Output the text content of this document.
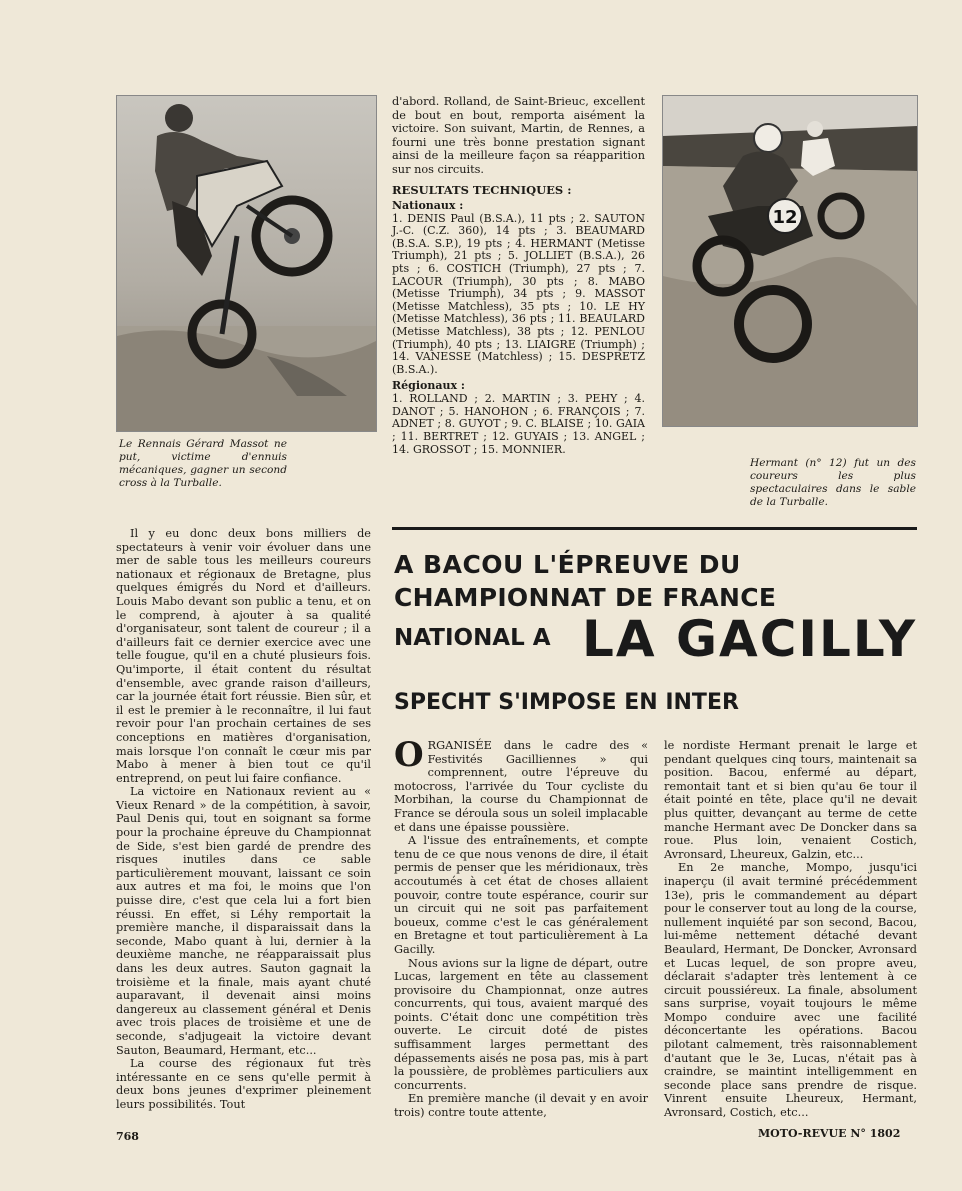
Le Rennais Gérard Massot ne put, victime d'ennuis mécaniques, gagner un second cross à la Turballe.

d'abord. Rolland, de Saint-Brieuc, excellent de bout en bout, remporta aisément la victoire. Son suivant, Martin, de Rennes, a fourni une très bonne prestation signant ainsi de la meilleure façon sa réapparition sur nos circuits.

RESULTATS TECHNIQUES :
Nationaux :

1. DENIS Paul (B.S.A.), 11 pts ; 2. SAUTON J.-C. (C.Z. 360), 14 pts ; 3. BEAUMARD (B.S.A. S.P.), 19 pts ; 4. HERMANT (Metisse Triumph), 21 pts ; 5. JOLLIET (B.S.A.), 26 pts ; 6. COSTICH (Triumph), 27 pts ; 7. LACOUR (Triumph), 30 pts ; 8. MABO (Metisse Triumph), 34 pts ; 9. MASSOT (Metisse Matchless), 35 pts ; 10. LE HY (Metisse Matchless), 36 pts ; 11. BEAULARD (Metisse Matchless), 38 pts ; 12. PENLOU (Triumph), 40 pts ; 13. LIAIGRE (Triumph) ; 14. VANESSE (Matchless) ; 15. DESPRETZ (B.S.A.).

Régionaux :

1. ROLLAND ; 2. MARTIN ; 3. PEHY ; 4. DANOT ; 5. HANOHON ; 6. FRANÇOIS ; 7. ADNET ; 8. GUYOT ; 9. C. BLAISE ; 10. GAIA ; 11. BERTRET ; 12. GUYAIS ; 13. ANGEL ; 14. GROSSOT ; 15. MONNIER.

12

Hermant (n° 12) fut un des coureurs les plus spectaculaires dans le sable de la Turballe.

Il y eu donc deux bons milliers de spectateurs à venir voir évoluer dans une mer de sable tous les meilleurs coureurs nationaux et régionaux de Bretagne, plus quelques émigrés du Nord et d'ailleurs. Louis Mabo devant son public a tenu, et on le comprend, à ajouter à sa qualité d'organisateur, sont talent de coureur ; il a d'ailleurs fait ce dernier exercice avec une telle fougue, qu'il en a chuté plusieurs fois. Qu'importe, il était content du résultat d'ensemble, avec grande raison d'ailleurs, car la journée était fort réussie. Bien sûr, et il est le premier à le reconnaître, il lui faut revoir pour l'an prochain certaines de ses conceptions en matières d'organisation, mais lorsque l'on connaît le cœur mis par Mabo à mener à bien tout ce qu'il entreprend, on peut lui faire confiance.

La victoire en Nationaux revient au « Vieux Renard » de la compétition, à savoir, Paul Denis qui, tout en soignant sa forme pour la prochaine épreuve du Championnat de Side, s'est bien gardé de prendre des risques inutiles dans ce sable particulièrement mouvant, laissant ce soin aux autres et ma foi, le moins que l'on puisse dire, c'est que cela lui a fort bien réussi. En effet, si Léhy remportait la première manche, il disparaissait dans la seconde, Mabo quant à lui, dernier à la deuxième manche, ne réapparaissait plus dans les deux autres. Sauton gagnait la troisième et la finale, mais ayant chuté auparavant, il devenait ainsi moins dangereux au classement général et Denis avec trois places de troisième et une de seconde, s'adjugeait la victoire devant Sauton, Beaumard, Hermant, etc...

La course des régionaux fut très intéressante en ce sens qu'elle permit à deux bons jeunes d'exprimer pleinement leurs possibilités. Tout

A BACOU L'ÉPREUVE DU
CHAMPIONNAT DE FRANCE
NATIONAL A LA GACILLY
SPECHT S'IMPOSE EN INTER

ORGANISÉE dans le cadre des « Festivités Gacilliennes » qui comprennent, outre l'épreuve du motocross, l'arrivée du Tour cycliste du Morbihan, la course du Championnat de France se déroula sous un soleil implacable et dans une épaisse poussière.

A l'issue des entraînements, et compte tenu de ce que nous venons de dire, il était permis de penser que les méridionaux, très accoutumés à cet état de choses allaient pouvoir, contre toute espérance, courir sur un circuit qui ne soit pas parfaitement boueux, comme c'est le cas généralement en Bretagne et tout particulièrement à La Gacilly.

Nous avions sur la ligne de départ, outre Lucas, largement en tête au classement provisoire du Championnat, onze autres concurrents, qui tous, avaient marqué des points. C'était donc une compétition très ouverte. Le circuit doté de pistes suffisamment larges permettant des dépassements aisés ne posa pas, mis à part la poussière, de problèmes particuliers aux concurrents.

En première manche (il devait y en avoir trois) contre toute attente,

le nordiste Hermant prenait le large et pendant quelques cinq tours, maintenait sa position. Bacou, enfermé au départ, remontait tant et si bien qu'au 6e tour il était pointé en tête, place qu'il ne devait plus quitter, devançant au terme de cette manche Hermant avec De Doncker dans sa roue. Plus loin, venaient Costich, Avronsard, Lheureux, Galzin, etc...

En 2e manche, Mompo, jusqu'ici inaperçu (il avait terminé précédemment 13e), pris le commandement au départ pour le conserver tout au long de la course, nullement inquiété par son second, Bacou, lui-même nettement détaché devant Beaulard, Hermant, De Doncker, Avronsard et Lucas lequel, de son propre aveu, déclarait s'adapter très lentement à ce circuit poussiéreux. La finale, absolument sans surprise, voyait toujours le même Mompo conduire avec une facilité déconcertante les opérations. Bacou pilotant calmement, très raisonnablement d'autant que le 3e, Lucas, n'était pas à craindre, se maintint intelligemment en seconde place sans prendre de risque. Vinrent ensuite Lheureux, Hermant, Avronsard, Costich, etc...

768	MOTO-REVUE N° 1802
